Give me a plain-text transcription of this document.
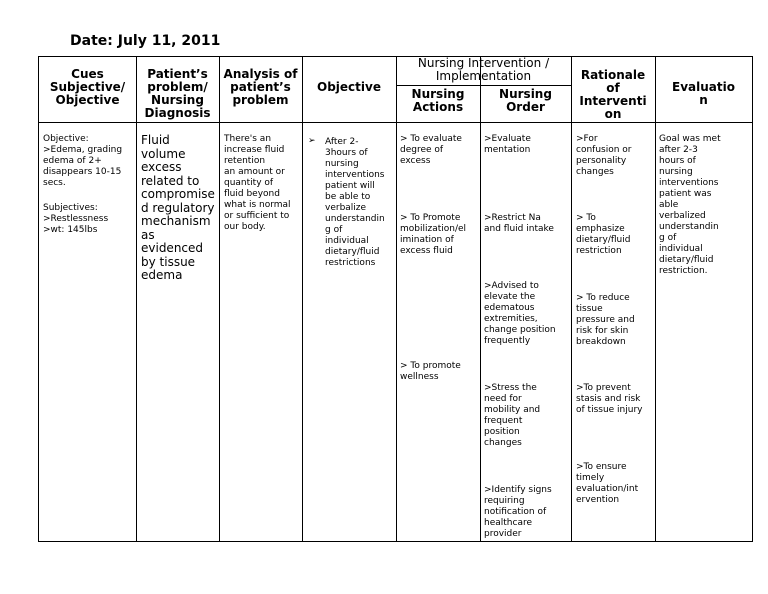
Date: July 11, 2011
Cues
Subjective/
Objective
Patient’s
problem/
Nursing
Diagnosis
Analysis of
patient’s
problem
Objective
Nursing Intervention /
Implementation
Nursing
Actions
Nursing
Order
Rationale
of
Interventi
on
Evaluatio
n
Objective:
>Edema, grading
edema of 2+
disappears 10-15
secs.
Subjectives:
>Restlessness
>wt: 145lbs
Fluid
volume
excess
related to
compromise
d regulatory
mechanism
as
evidenced
by tissue
edema
There's an
increase fluid
retention
an amount or
quantity of
fluid beyond
what is normal
or sufficient to
our body.
➢	After 2-
3hours of
nursing
interventions
patient will
be able to
verbalize
understandin
g of
individual
dietary/fluid
restrictions
> To evaluate
degree of
excess
> To Promote
mobilization/el
imination of
excess fluid
> To promote
wellness
>Evaluate
mentation
>Restrict Na
and fluid intake
>Advised to
elevate the
edematous
extremities,
change position
frequently
>Stress the
need for
mobility and
frequent
position
changes
>Identify signs
requiring
notification of
healthcare
provider
>For
confusion or
personality
changes
> To
emphasize
dietary/fluid
restriction
> To reduce
tissue
pressure and
risk for skin
breakdown
>To prevent
stasis and risk
of tissue injury
>To ensure
timely
evaluation/int
ervention
Goal was met
after 2-3
hours of
nursing
interventions
patient was
able
verbalized
understandin
g of
individual
dietary/fluid
restriction.
